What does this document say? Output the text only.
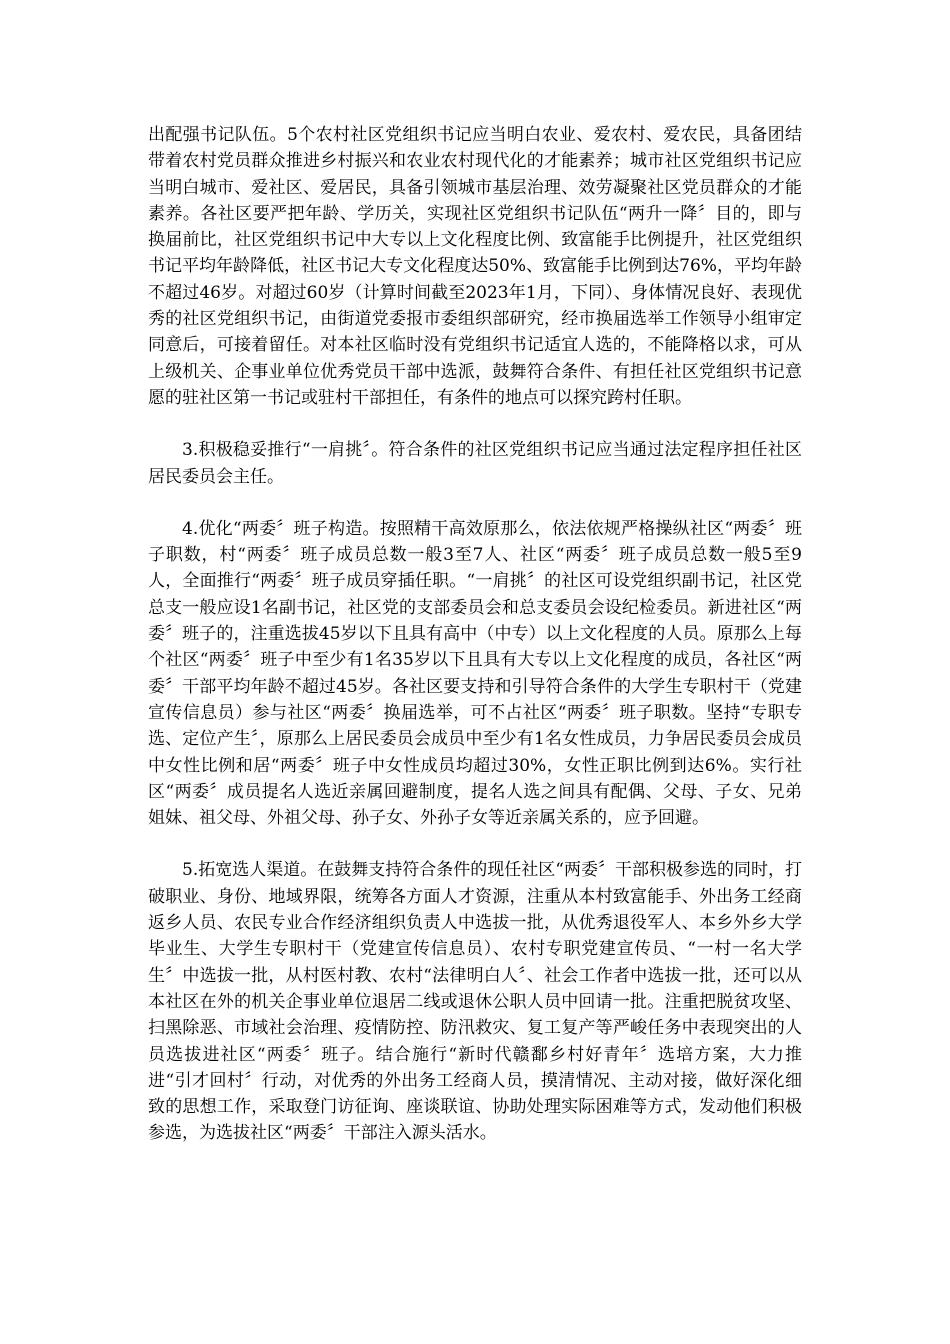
出配强书记队伍。5个农村社区党组织书记应当明白农业、爱农村、爱农民，具备团结带着农村党员群众推进乡村振兴和农业农村现代化的才能素养；城市社区党组织书记应当明白城市、爱社区、爱居民，具备引领城市基层治理、效劳凝聚社区党员群众的才能素养。各社区要严把年龄、学历关，实现社区党组织书记队伍“两升一降〞目的，即与换届前比，社区党组织书记中大专以上文化程度比例、致富能手比例提升，社区党组织书记平均年龄降低，社区书记大专文化程度达50%、致富能手比例到达76%，平均年龄不超过46岁。对超过60岁（计算时间截至2023年1月，下同）、身体情况良好、表现优秀的社区党组织书记，由街道党委报市委组织部研究，经市换届选举工作领导小组审定同意后，可接着留任。对本社区临时没有党组织书记适宜人选的，不能降格以求，可从上级机关、企事业单位优秀党员干部中选派，鼓舞符合条件、有担任社区党组织书记意愿的驻社区第一书记或驻村干部担任，有条件的地点可以探究跨村任职。

3.积极稳妥推行“一肩挑〞。符合条件的社区党组织书记应当通过法定程序担任社区居民委员会主任。

4.优化“两委〞班子构造。按照精干高效原那么，依法依规严格操纵社区“两委〞班子职数，村“两委〞班子成员总数一般3至7人、社区“两委〞班子成员总数一般5至9人，全面推行“两委〞班子成员穿插任职。“一肩挑〞的社区可设党组织副书记，社区党总支一般应设1名副书记，社区党的支部委员会和总支委员会设纪检委员。新进社区“两委〞班子的，注重选拔45岁以下且具有高中（中专）以上文化程度的人员。原那么上每个社区“两委〞班子中至少有1名35岁以下且具有大专以上文化程度的成员，各社区“两委〞干部平均年龄不超过45岁。各社区要支持和引导符合条件的大学生专职村干（党建宣传信息员）参与社区“两委〞换届选举，可不占社区“两委〞班子职数。坚持“专职专选、定位产生〞，原那么上居民委员会成员中至少有1名女性成员，力争居民委员会成员中女性比例和居“两委〞班子中女性成员均超过30%，女性正职比例到达6%。实行社区“两委〞成员提名人选近亲属回避制度，提名人选之间具有配偶、父母、子女、兄弟姐妹、祖父母、外祖父母、孙子女、外孙子女等近亲属关系的，应予回避。

5.拓宽选人渠道。在鼓舞支持符合条件的现任社区“两委〞干部积极参选的同时，打破职业、身份、地域界限，统筹各方面人才资源，注重从本村致富能手、外出务工经商返乡人员、农民专业合作经济组织负责人中选拔一批，从优秀退役军人、本乡外乡大学毕业生、大学生专职村干（党建宣传信息员）、农村专职党建宣传员、“一村一名大学生〞中选拔一批，从村医村教、农村“法律明白人〞、社会工作者中选拔一批，还可以从本社区在外的机关企事业单位退居二线或退休公职人员中回请一批。注重把脱贫攻坚、扫黑除恶、市域社会治理、疫情防控、防汛救灾、复工复产等严峻任务中表现突出的人员选拔进社区“两委〞班子。结合施行“新时代赣鄱乡村好青年〞选培方案，大力推进“引才回村〞行动，对优秀的外出务工经商人员，摸清情况、主动对接，做好深化细致的思想工作，采取登门访征询、座谈联谊、协助处理实际困难等方式，发动他们积极参选，为选拔社区“两委〞干部注入源头活水。
